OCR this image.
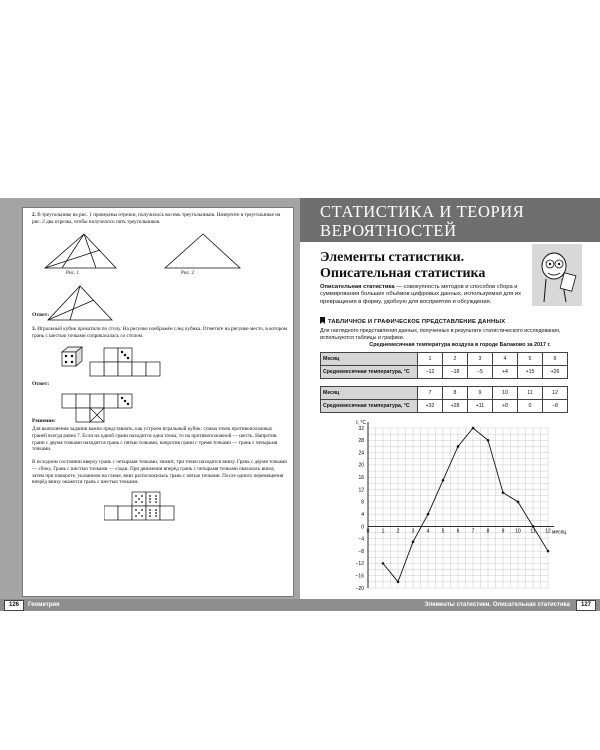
2. В треугольнике на рис. 1 проведены отрезки, получилось восемь треугольников. Начертите в треугольнике на рис. 2 два отрезка, чтобы получилось пять треугольников.
Рис. 1	Рис. 2
Ответ:
3. Игральный кубик прокатили по столу. На рисунке изображён след кубика. Отметьте на рисунке место, в котором грань с шестью точками соприкасалась со столом.
Ответ:
Решение:
Для выполнения задания важно представлять, как устроен игральный кубик: сумма точек противоположных граней всегда равна 7. Если на одной грани находится одна точка, то на противоположной — шесть. Напротив грани с двумя точками находится грань с пятью точками, напротив грани с тремя точками — грань с четырьмя точками.
В исходном состоянии вверху грань с четырьмя точками, значит, три точки находятся внизу. Грань с двумя точками — сбоку, Грань с шестью точками — сзади. При движении вперёд грань с четырьмя точками оказалась внизу, затем при повороте, указанном на схеме, вниз расположилась грань с пятью точками. После одного перемещения вперёд внизу окажется грань с шестью точками.
126	Геометрия
СТАТИСТИКА И ТЕОРИЯ
ВЕРОЯТНОСТЕЙ
Элементы статистики.
Описательная статистика
Описательная статистика — совокупность методов и способов сбора и суммирования больших объёмов цифровых данных, используемая для их превращения в форму, удобную для восприятия и обсуждения.
ТАБЛИЧНОЕ И ГРАФИЧЕСКОЕ ПРЕДСТАВЛЕНИЕ ДАННЫХ
Для наглядного представления данных, полученных в результате статистического исследования, используются таблицы и графики.
Среднемесячная температура воздуха в городе Балаково за 2017 г.
Месяц	1	2	3	4	5	6
Среднемесячная температура, °С	−12	−18	−5	+4	+15	+26
Месяц	7	8	9	10	11	12
Среднемесячная температура, °С	+32	+28	+11	+8	0	−8
32
28
24
20
16
12
8
4
0
−4
−8
−12
−16
−20
0 1 2 3 4 5 6 7 8 9 10 11 12
t, °С
месяц
Элементы статистики. Описательная статистика	127
